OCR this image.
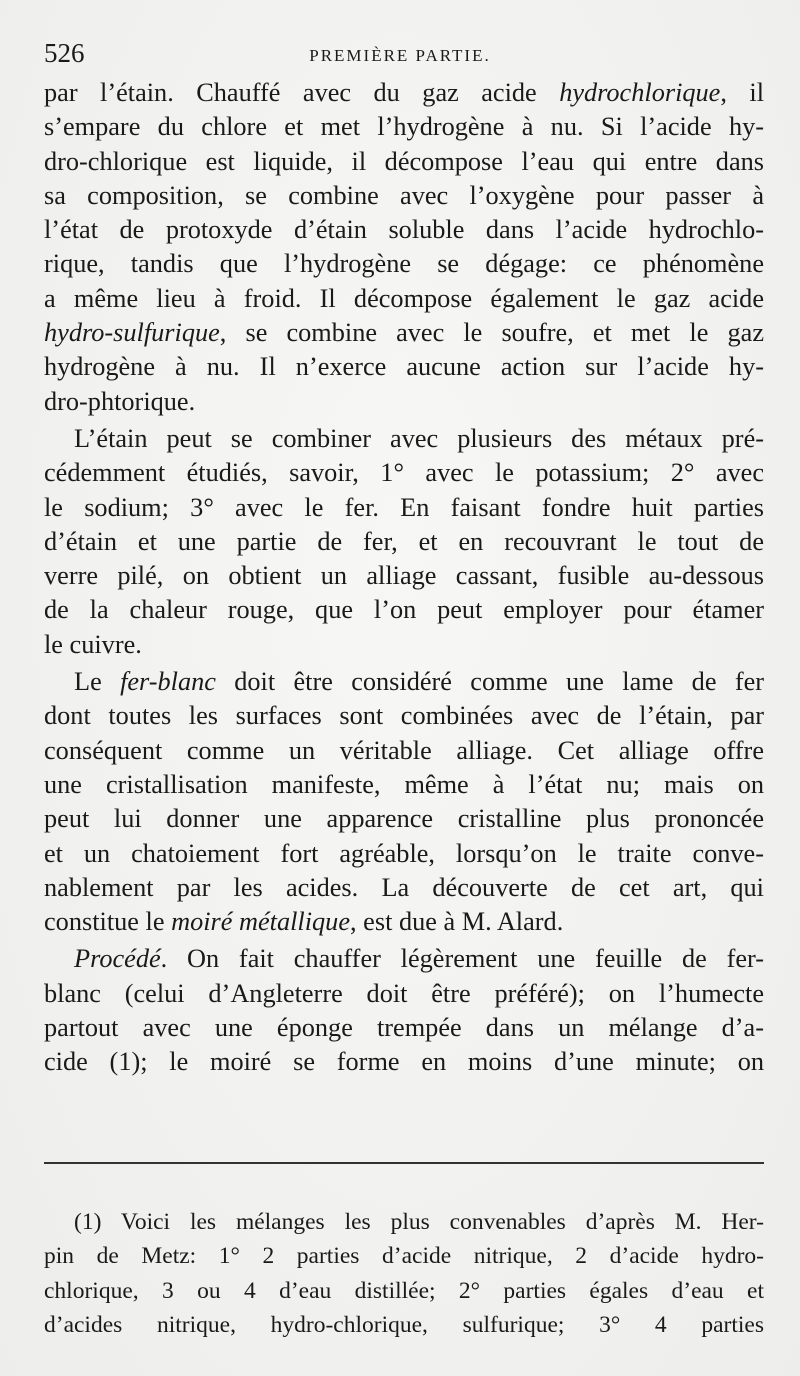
526	PREMIÈRE PARTIE.
par l’étain. Chauffé avec du gaz acide hydrochlorique, il
s’empare du chlore et met l’hydrogène à nu. Si l’acide hy-
dro-chlorique est liquide, il décompose l’eau qui entre dans
sa composition, se combine avec l’oxygène pour passer à
l’état de protoxyde d’étain soluble dans l’acide hydrochlo-
rique, tandis que l’hydrogène se dégage: ce phénomène
a même lieu à froid. Il décompose également le gaz acide
hydro-sulfurique, se combine avec le soufre, et met le gaz
hydrogène à nu. Il n’exerce aucune action sur l’acide hy-
dro-phtorique.
L’étain peut se combiner avec plusieurs des métaux pré-
cédemment étudiés, savoir, 1° avec le potassium; 2° avec
le sodium; 3° avec le fer. En faisant fondre huit parties
d’étain et une partie de fer, et en recouvrant le tout de
verre pilé, on obtient un alliage cassant, fusible au-dessous
de la chaleur rouge, que l’on peut employer pour étamer
le cuivre.
Le fer-blanc doit être considéré comme une lame de fer
dont toutes les surfaces sont combinées avec de l’étain, par
conséquent comme un véritable alliage. Cet alliage offre
une cristallisation manifeste, même à l’état nu; mais on
peut lui donner une apparence cristalline plus prononcée
et un chatoiement fort agréable, lorsqu’on le traite conve-
nablement par les acides. La découverte de cet art, qui
constitue le moiré métallique, est due à M. Alard.
Procédé. On fait chauffer légèrement une feuille de fer-
blanc (celui d’Angleterre doit être préféré); on l’humecte
partout avec une éponge trempée dans un mélange d’a-
cide (1); le moiré se forme en moins d’une minute; on
(1) Voici les mélanges les plus convenables d’après M. Her-
pin de Metz: 1° 2 parties d’acide nitrique, 2 d’acide hydro-
chlorique, 3 ou 4 d’eau distillée; 2° parties égales d’eau et
d’acides nitrique, hydro-chlorique, sulfurique; 3° 4 parties
